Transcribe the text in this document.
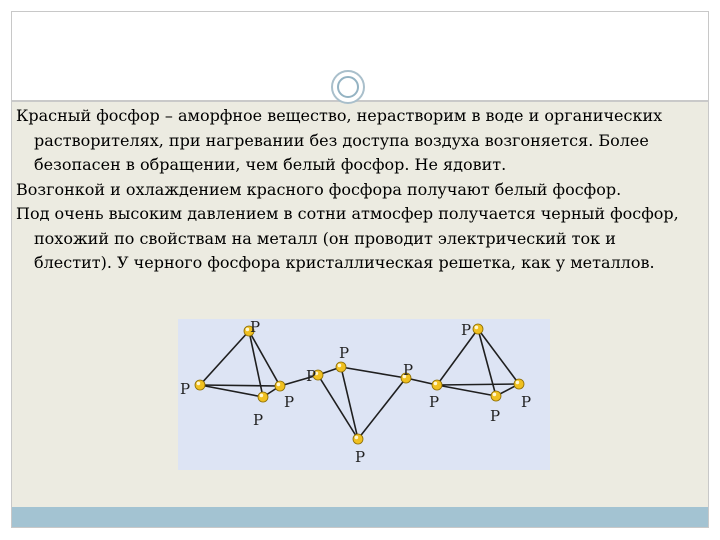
Красный фосфор – аморфное вещество, нерастворим в воде и органических растворителях, при нагревании без доступа воздуха возгоняется. Более безопасен в обращении, чем белый фосфор. Не ядовит.

Возгонкой и охлаждением красного фосфора получают белый фосфор.

Под очень высоким давлением в сотни атмосфер получается черный фосфор, похожий по свойствам на металл (он проводит электрический ток и блестит). У черного фосфора кристаллическая решетка, как у металлов.

P
P
P
P
P
P
P
P
P
P
P
P
